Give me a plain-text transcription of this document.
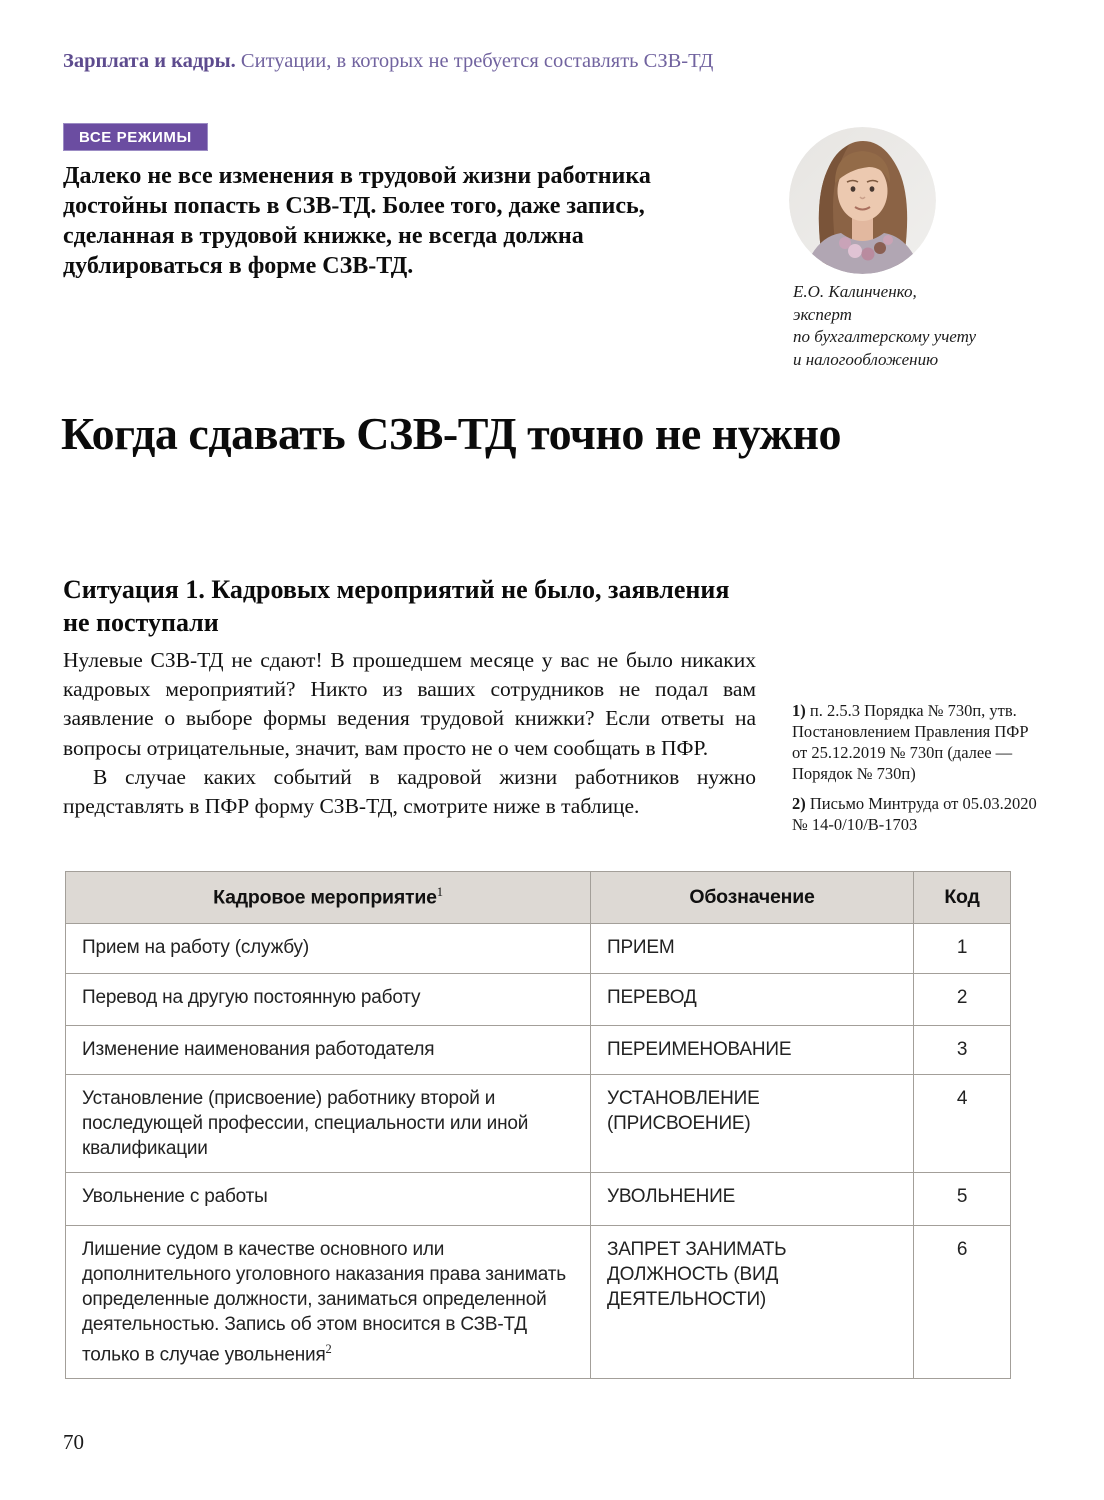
Зарплата и кадры. Ситуации, в которых не требуется составлять СЗВ-ТД
ВСЕ РЕЖИМЫ
Далеко не все изменения в трудовой жизни работника достойны попасть в СЗВ-ТД. Более того, даже запись, сделанная в трудовой книжке, не всегда должна дублироваться в форме СЗВ-ТД.
Е.О. Калинченко,
эксперт
по бухгалтерскому учету
и налогообложению
Когда сдавать СЗВ-ТД точно не нужно
Ситуация 1. Кадровых мероприятий не было, заявления не поступали

Нулевые СЗВ-ТД не сдают! В прошедшем месяце у вас не было никаких кадровых мероприятий? Никто из ваших сотрудников не подал вам заявление о выборе формы ведения трудовой книжки? Если ответы на вопросы отрицательные, значит, вам просто не о чем сообщать в ПФР.

В случае каких событий в кадровой жизни работников нужно представлять в ПФР форму СЗВ-ТД, смотрите ниже в таблице.

1) п. 2.5.3 Порядка № 730п, утв. Постановлением Правления ПФР от 25.12.2019 № 730п (далее — Порядок № 730п)

2) Письмо Минтруда от 05.03.2020 № 14-0/10/В-1703

Кадровое мероприятие$^1$	Обозначение	Код
Прием на работу (службу)	ПРИЕМ	1
Перевод на другую постоянную работу	ПЕРЕВОД	2
Изменение наименования работодателя	ПЕРЕИМЕНОВАНИЕ	3
Установление (присвоение) работнику второй и последующей профессии, специальности или иной квалификации	УСТАНОВЛЕНИЕ (ПРИСВОЕНИЕ)	4
Увольнение с работы	УВОЛЬНЕНИЕ	5
Лишение судом в качестве основного или дополнительного уголовного наказания права занимать определенные должности, заниматься определенной деятельностью. Запись об этом вносится в СЗВ-ТД только в случае увольнения$^2$	ЗАПРЕТ ЗАНИМАТЬ ДОЛЖНОСТЬ (ВИД ДЕЯТЕЛЬНОСТИ)	6
70
